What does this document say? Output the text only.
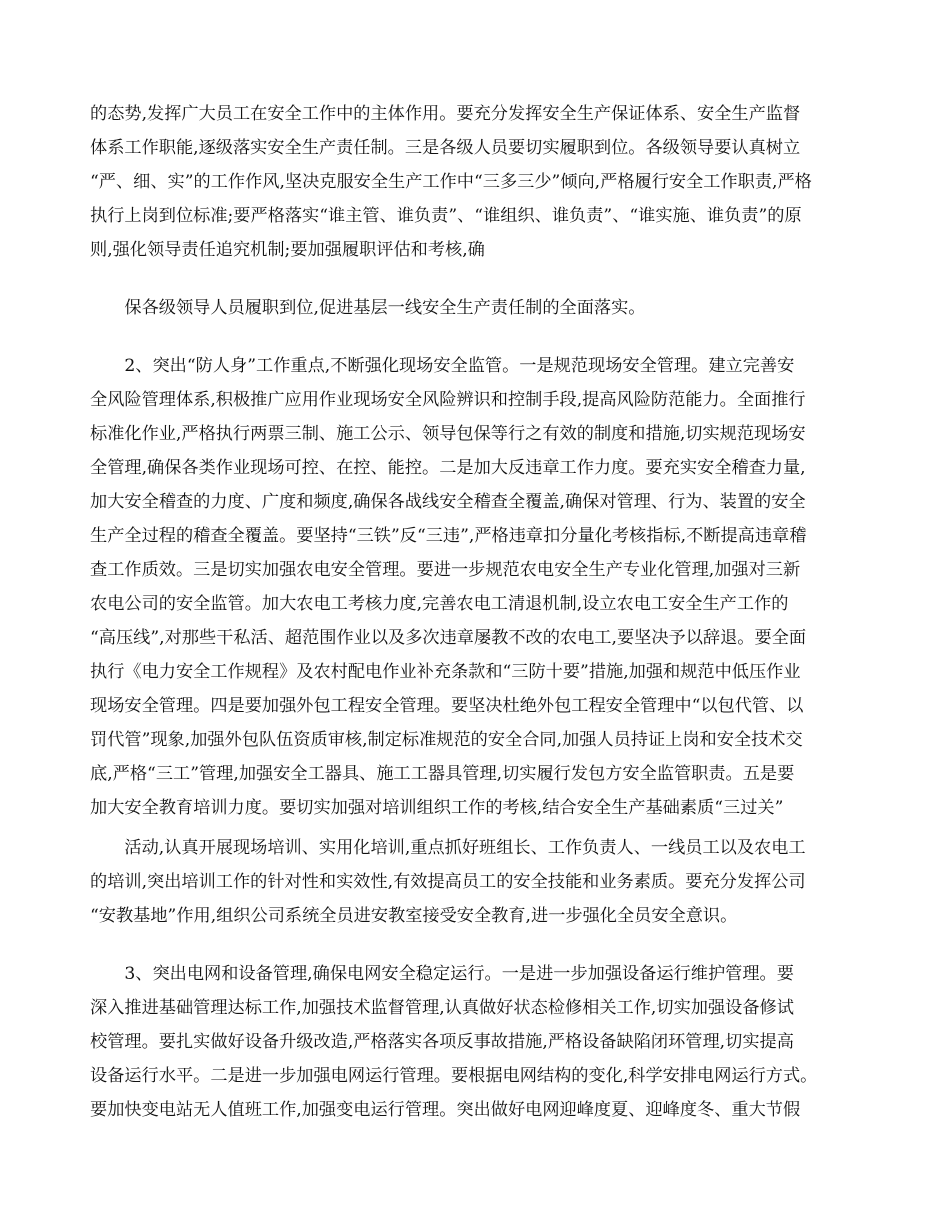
的态势,发挥广大员工在安全工作中的主体作用。要充分发挥安全生产保证体系、安全生产监督
体系工作职能,逐级落实安全生产责任制。三是各级人员要切实履职到位。各级领导要认真树立
“严、细、实”的工作作风,坚决克服安全生产工作中“三多三少”倾向,严格履行安全工作职责,严格
执行上岗到位标准;要严格落实“谁主管、谁负责”、“谁组织、谁负责”、“谁实施、谁负责”的原
则,强化领导责任追究机制;要加强履职评估和考核,确
　　保各级领导人员履职到位,促进基层一线安全生产责任制的全面落实。
　　2、突出“防人身”工作重点,不断强化现场安全监管。一是规范现场安全管理。建立完善安
全风险管理体系,积极推广应用作业现场安全风险辨识和控制手段,提高风险防范能力。全面推行
标准化作业,严格执行两票三制、施工公示、领导包保等行之有效的制度和措施,切实规范现场安
全管理,确保各类作业现场可控、在控、能控。二是加大反违章工作力度。要充实安全稽查力量,
加大安全稽查的力度、广度和频度,确保各战线安全稽查全覆盖,确保对管理、行为、装置的安全
生产全过程的稽查全覆盖。要坚持“三铁”反“三违”,严格违章扣分量化考核指标,不断提高违章稽
查工作质效。三是切实加强农电安全管理。要进一步规范农电安全生产专业化管理,加强对三新
农电公司的安全监管。加大农电工考核力度,完善农电工清退机制,设立农电工安全生产工作的
“高压线”,对那些干私活、超范围作业以及多次违章屡教不改的农电工,要坚决予以辞退。要全面
执行《电力安全工作规程》及农村配电作业补充条款和“三防十要”措施,加强和规范中低压作业
现场安全管理。四是要加强外包工程安全管理。要坚决杜绝外包工程安全管理中“以包代管、以
罚代管”现象,加强外包队伍资质审核,制定标准规范的安全合同,加强人员持证上岗和安全技术交
底,严格“三工”管理,加强安全工器具、施工工器具管理,切实履行发包方安全监管职责。五是要
加大安全教育培训力度。要切实加强对培训组织工作的考核,结合安全生产基础素质“三过关”
　　活动,认真开展现场培训、实用化培训,重点抓好班组长、工作负责人、一线员工以及农电工
的培训,突出培训工作的针对性和实效性,有效提高员工的安全技能和业务素质。要充分发挥公司
“安教基地”作用,组织公司系统全员进安教室接受安全教育,进一步强化全员安全意识。
　　3、突出电网和设备管理,确保电网安全稳定运行。一是进一步加强设备运行维护管理。要
深入推进基础管理达标工作,加强技术监督管理,认真做好状态检修相关工作,切实加强设备修试
校管理。要扎实做好设备升级改造,严格落实各项反事故措施,严格设备缺陷闭环管理,切实提高
设备运行水平。二是进一步加强电网运行管理。要根据电网结构的变化,科学安排电网运行方式。
要加快变电站无人值班工作,加强变电运行管理。突出做好电网迎峰度夏、迎峰度冬、重大节假
